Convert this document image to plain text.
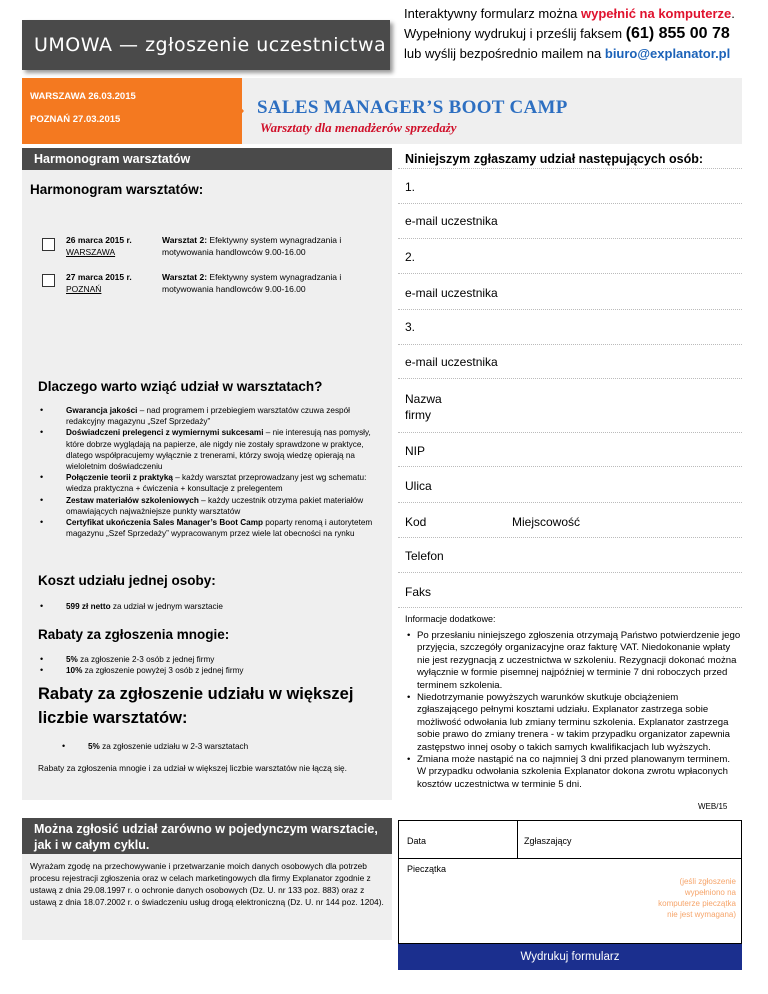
UMOWA — zgłoszenie uczestnictwa
Interaktywny formularz można wypełnić na komputerze.
Wypełniony wydrukuj i prześlij faksem (61) 855 00 78
lub wyślij bezpośrednio mailem na biuro@explanator.pl
WARSZAWA 26.03.2015
POZNAŃ 27.03.2015
SALES MANAGER’S BOOT CAMP
Warsztaty dla menadżerów sprzedaży
Harmonogram warsztatów
Harmonogram warsztatów:
26 marca 2015 r.
WARSZAWA
Warsztat 2: Efektywny system wynagradzania i motywowania handlowców 9.00-16.00
27 marca 2015 r.
POZNAŃ
Warsztat 2: Efektywny system wynagradzania i motywowania handlowców 9.00-16.00
Dlaczego warto wziąć udział w warsztatach?
• Gwarancja jakości – nad programem i przebiegiem warsztatów czuwa zespół redakcyjny magazynu „Szef Sprzedaży”
• Doświadczeni prelegenci z wymiernymi sukcesami – nie interesują nas pomysły, które dobrze wyglądają na papierze, ale nigdy nie zostały sprawdzone w praktyce, dlatego współpracujemy wyłącznie z trenerami, którzy swoją wiedzę opierają na wieloletnim doświadczeniu
• Połączenie teorii z praktyką – każdy warsztat przeprowadzany jest wg schematu: wiedza praktyczna + ćwiczenia + konsultacje z prelegentem
• Zestaw materiałów szkoleniowych – każdy uczestnik otrzyma pakiet materiałów omawiających najważniejsze punkty warsztatów
• Certyfikat ukończenia Sales Manager’s Boot Camp poparty renomą i autorytetem magazynu „Szef Sprzedaży” wypracowanym przez wiele lat obecności na rynku
Koszt udziału jednej osoby:
• 599 zł netto za udział w jednym warsztacie
Rabaty za zgłoszenia mnogie:
• 5% za zgłoszenie 2-3 osób z jednej firmy
• 10% za zgłoszenie powyżej 3 osób z jednej firmy
Rabaty za zgłoszenie udziału w większej liczbie warsztatów:
• 5% za zgłoszenie udziału w 2-3 warsztatach
Rabaty za zgłoszenia mnogie i za udział w większej liczbie warsztatów nie łączą się.
Niniejszym zgłaszamy udział następujących osób:
1.
e-mail uczestnika
2.
e-mail uczestnika
3.
e-mail uczestnika
Nazwa firmy
NIP
Ulica
Kod	Miejscowość
Telefon
Faks
Informacje dodatkowe:
• Po przesłaniu niniejszego zgłoszenia otrzymają Państwo potwierdzenie jego przyjęcia, szczegóły organizacyjne oraz fakturę VAT. Niedokonanie wpłaty nie jest rezygnacją z uczestnictwa w szkoleniu. Rezygnacji dokonać można wyłącznie w formie pisemnej najpóźniej w terminie 7 dni roboczych przed terminem szkolenia.
• Niedotrzymanie powyższych warunków skutkuje obciążeniem zgłaszającego pełnymi kosztami udziału. Explanator zastrzega sobie możliwość odwołania lub zmiany terminu szkolenia. Explanator zastrzega sobie prawo do zmiany trenera - w takim przypadku organizator zapewnia zastępstwo innej osoby o takich samych kwalifikacjach lub wyższych.
• Zmiana może nastąpić na co najmniej 3 dni przed planowanym terminem. W przypadku odwołania szkolenia Explanator dokona zwrotu wpłaconych kosztów uczestnictwa w terminie 5 dni.
WEB/15
Można zgłosić udział zarówno w pojedynczym warsztacie, jak i w całym cyklu.
Wyrażam zgodę na przechowywanie i przetwarzanie moich danych osobowych dla potrzeb procesu rejestracji zgłoszenia oraz w celach marketingowych dla firmy Explanator zgodnie z ustawą z dnia 29.08.1997 r. o ochronie danych osobowych (Dz. U. nr 133 poz. 883) oraz z ustawą z dnia 18.07.2002 r. o świadczeniu usług drogą elektroniczną (Dz. U. nr 144 poz. 1204).
Data	Zgłaszający
Pieczątka
(jeśli zgłoszenie wypełniono na komputerze pieczątka nie jest wymagana)
Wydrukuj formularz
